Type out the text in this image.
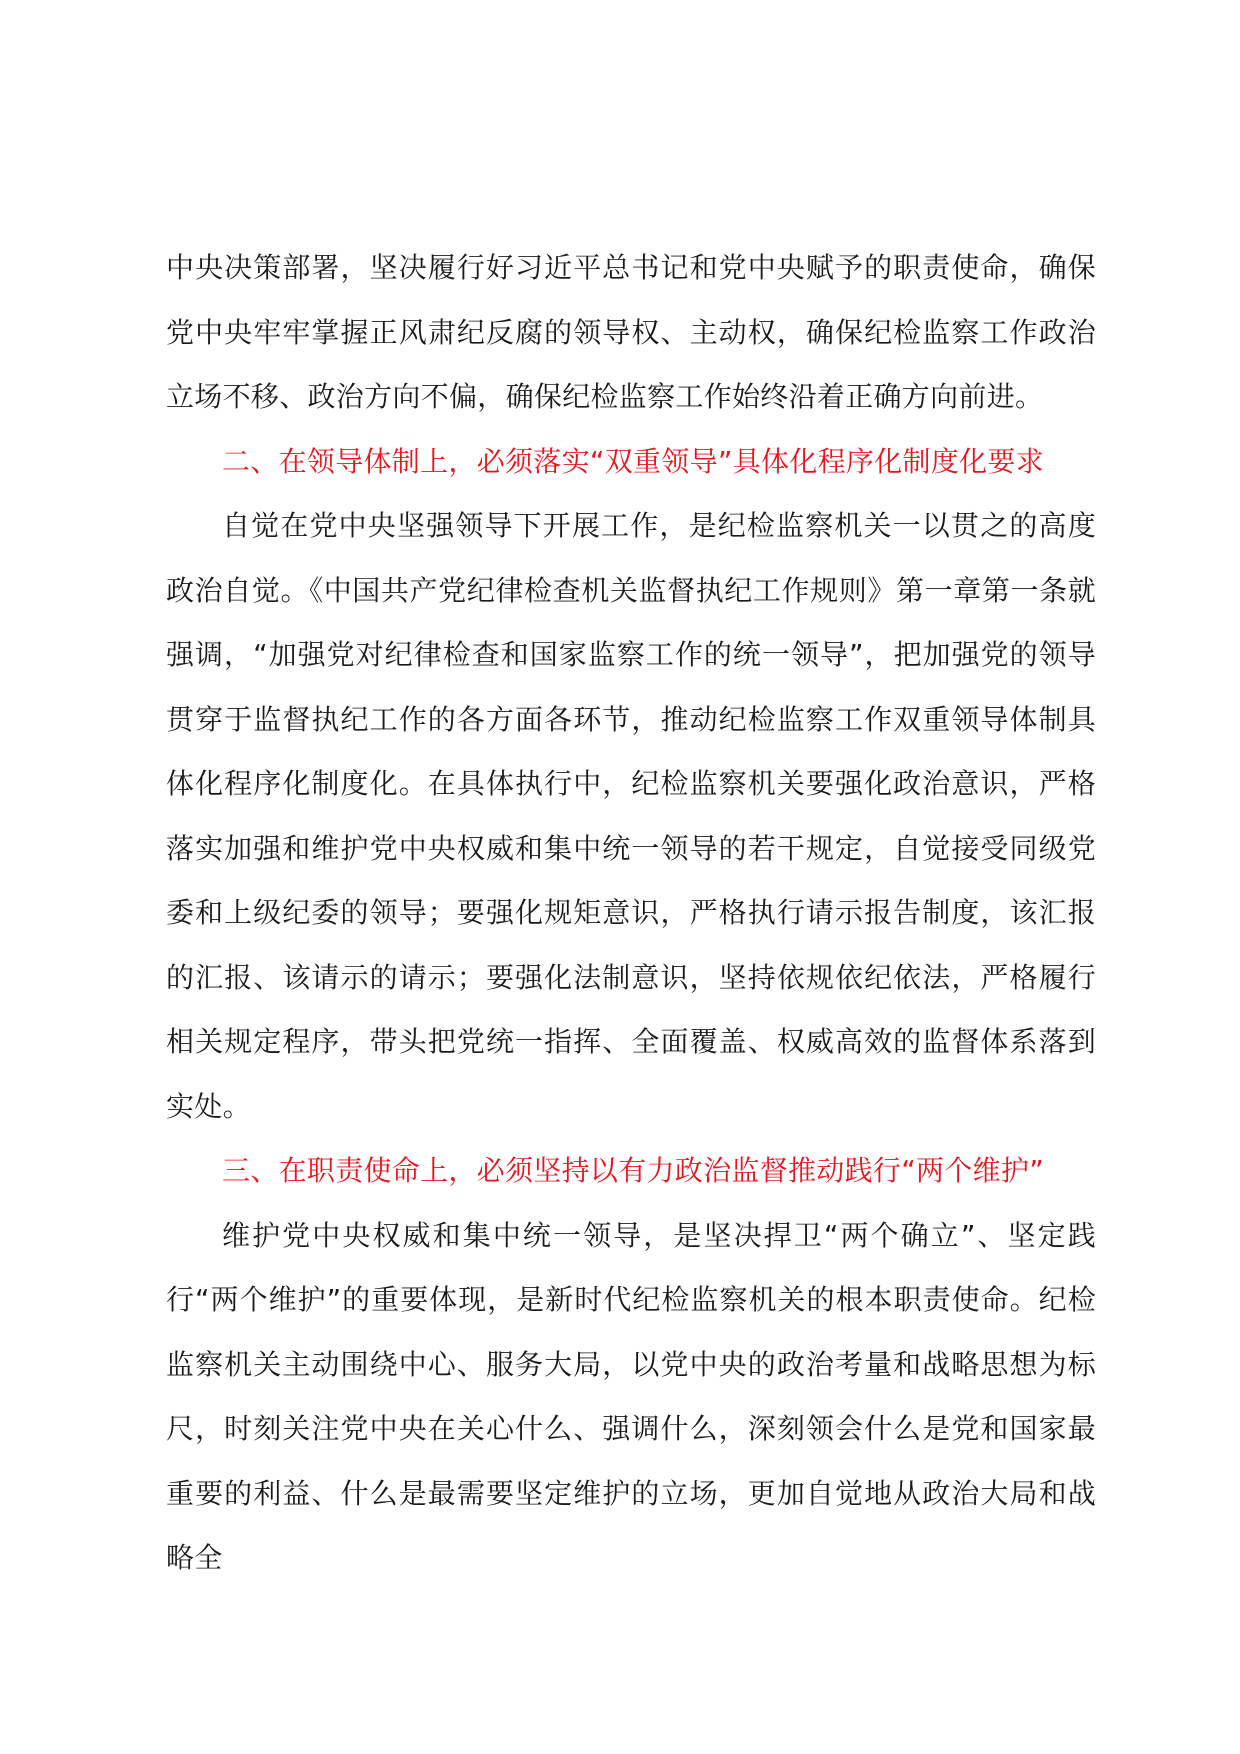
中央决策部署，坚决履行好习近平总书记和党中央赋予的职责使命，确保党中央牢牢掌握正风肃纪反腐的领导权、主动权，确保纪检监察工作政治立场不移、政治方向不偏，确保纪检监察工作始终沿着正确方向前进。

二、在领导体制上，必须落实“双重领导”具体化程序化制度化要求

自觉在党中央坚强领导下开展工作，是纪检监察机关一以贯之的高度政治自觉。《中国共产党纪律检查机关监督执纪工作规则》第一章第一条就强调，“加强党对纪律检查和国家监察工作的统一领导”，把加强党的领导贯穿于监督执纪工作的各方面各环节，推动纪检监察工作双重领导体制具体化程序化制度化。在具体执行中，纪检监察机关要强化政治意识，严格落实加强和维护党中央权威和集中统一领导的若干规定，自觉接受同级党委和上级纪委的领导；要强化规矩意识，严格执行请示报告制度，该汇报的汇报、该请示的请示；要强化法制意识，坚持依规依纪依法，严格履行相关规定程序，带头把党统一指挥、全面覆盖、权威高效的监督体系落到实处。

三、在职责使命上，必须坚持以有力政治监督推动践行“两个维护”

维护党中央权威和集中统一领导，是坚决捍卫“两个确立”、坚定践行“两个维护”的重要体现，是新时代纪检监察机关的根本职责使命。纪检监察机关主动围绕中心、服务大局，以党中央的政治考量和战略思想为标尺，时刻关注党中央在关心什么、强调什么，深刻领会什么是党和国家最重要的利益、什么是最需要坚定维护的立场，更加自觉地从政治大局和战略全
